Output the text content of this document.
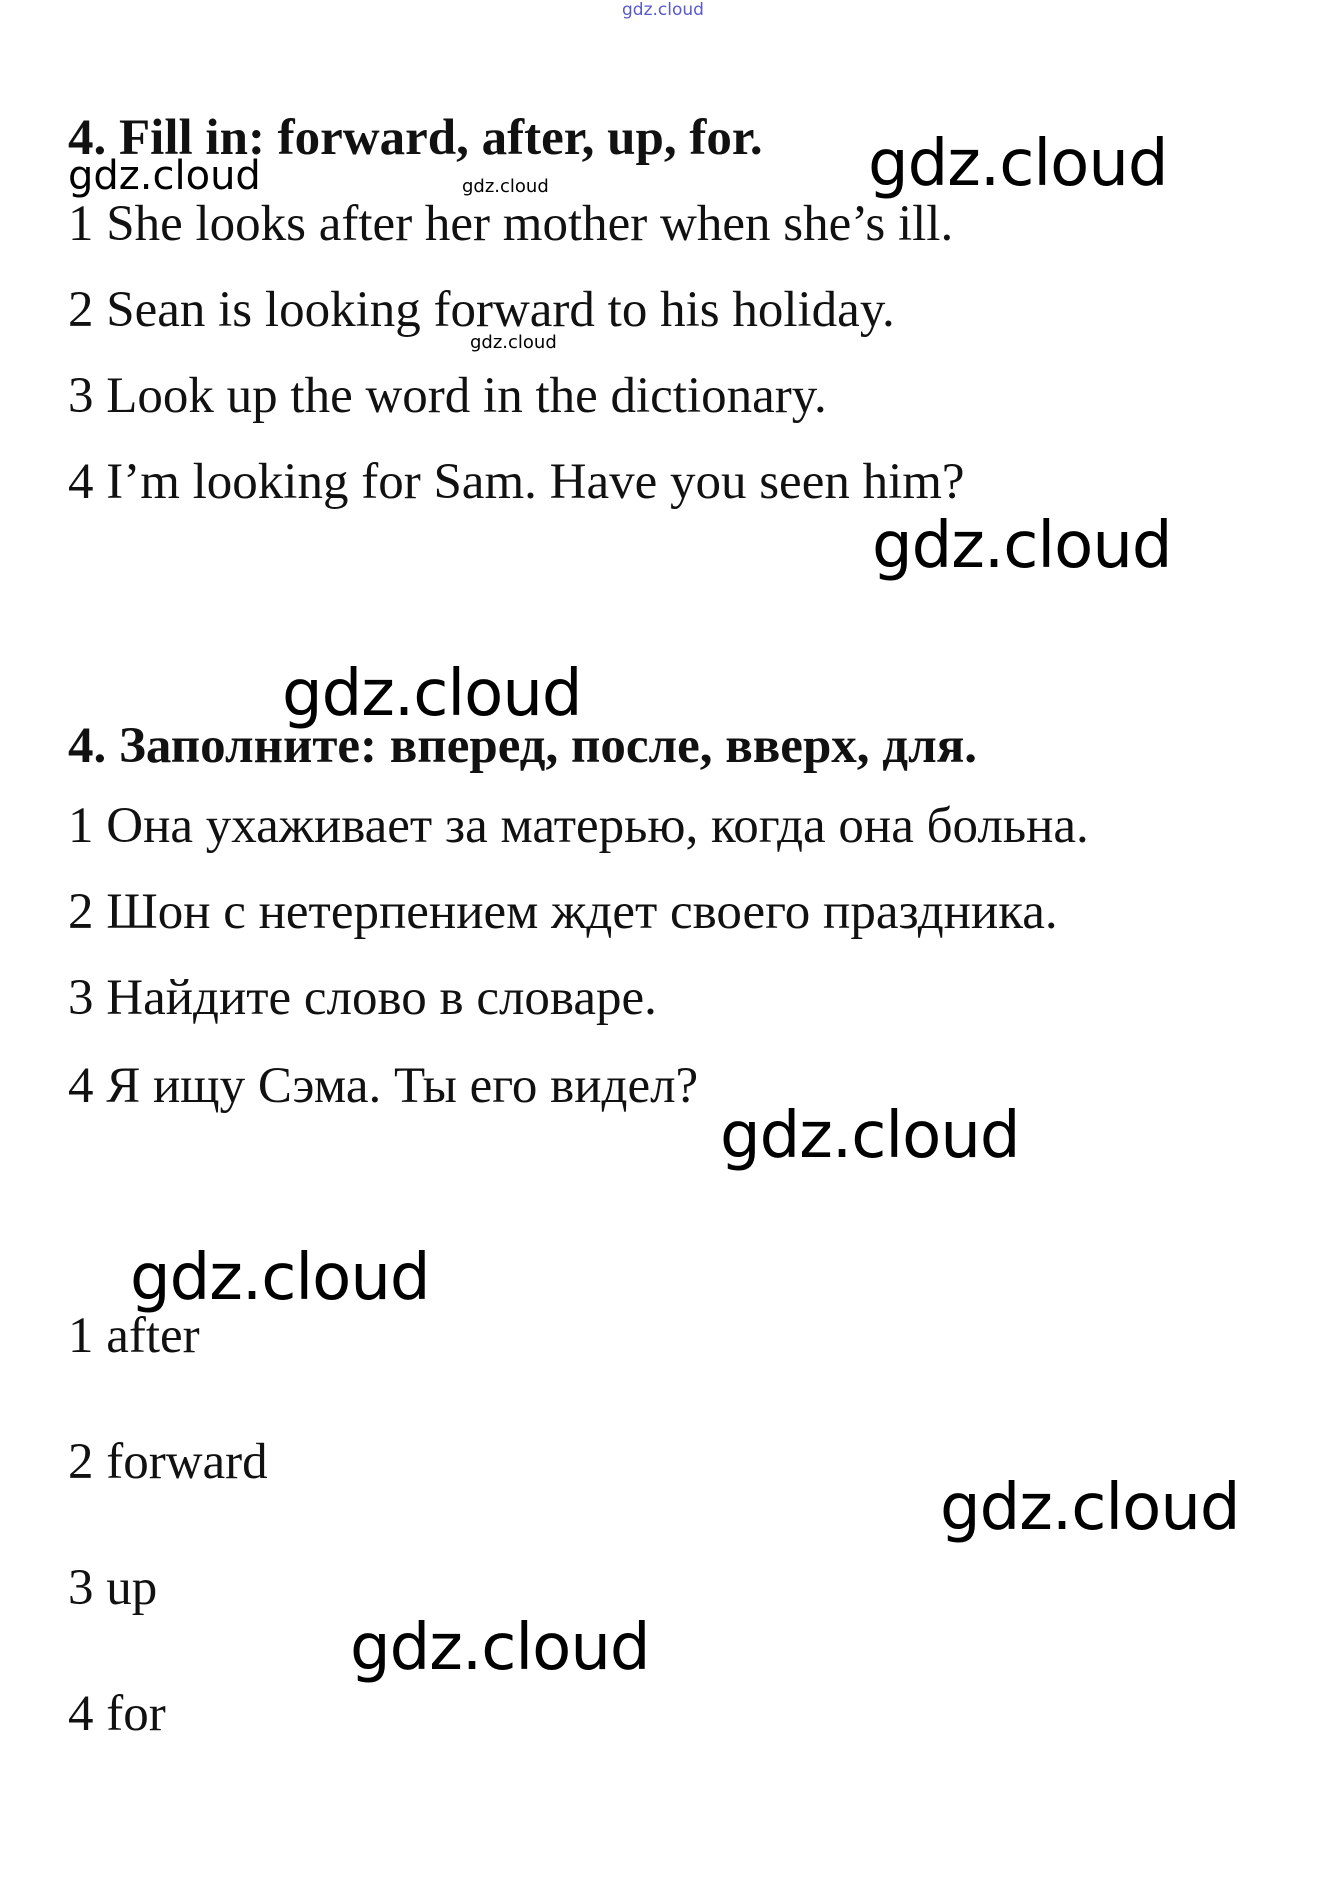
gdz.cloud
4. Fill in: forward, after, up, for.
gdz.cloud	gdz.cloud	gdz.cloud

1 She looks after her mother when she’s ill.

2 Sean is looking forward to his holiday.

gdz.cloud

3 Look up the word in the dictionary.

4 I’m looking for Sam. Have you seen him?

gdz.cloud
gdz.cloud
4. Заполните: вперед, после, вверх, для.

1 Она ухаживает за матерью, когда она больна.

2 Шон с нетерпением ждет своего праздника.

3 Найдите слово в словаре.

4 Я ищу Сэма. Ты его видел?

gdz.cloud
gdz.cloud

1 after

2 forward

gdz.cloud

3 up

gdz.cloud

4 for
